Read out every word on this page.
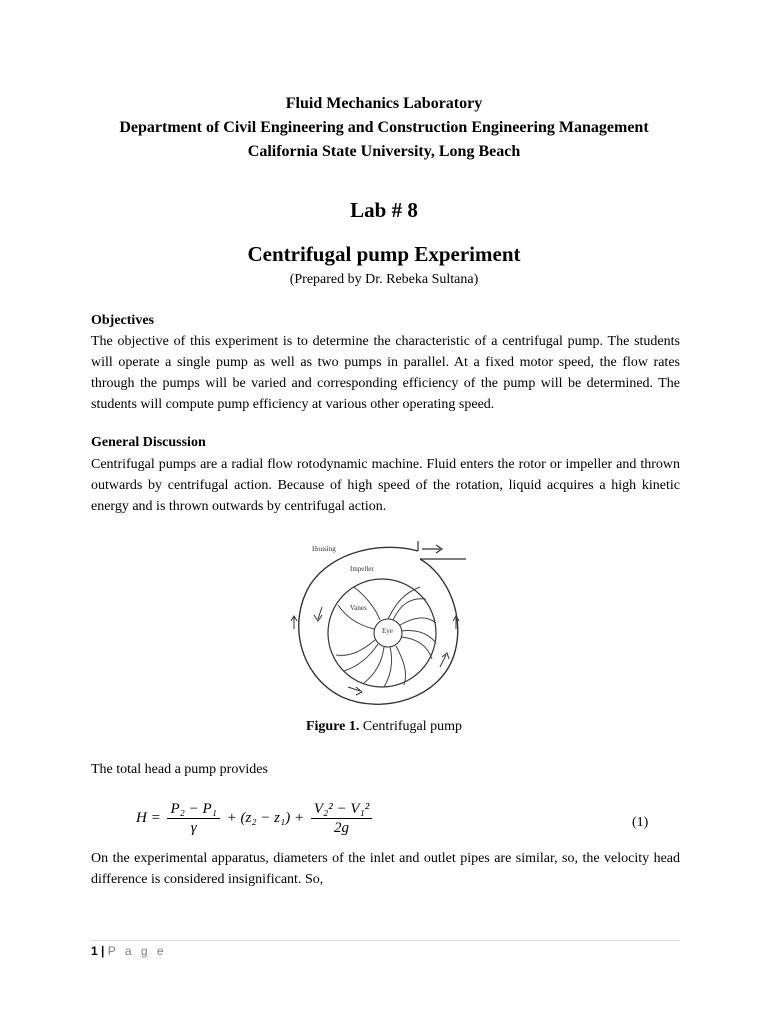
Fluid Mechanics Laboratory
Department of Civil Engineering and Construction Engineering Management
California State University, Long Beach
Lab # 8
Centrifugal pump Experiment
(Prepared by Dr. Rebeka Sultana)
Objectives
The objective of this experiment is to determine the characteristic of a centrifugal pump. The students will operate a single pump as well as two pumps in parallel. At a fixed motor speed, the flow rates through the pumps will be varied and corresponding efficiency of the pump will be determined. The students will compute pump efficiency at various other operating speed.
General Discussion
Centrifugal pumps are a radial flow rotodynamic machine. Fluid enters the rotor or impeller and thrown outwards by centrifugal action. Because of high speed of the rotation, liquid acquires a high kinetic energy and is thrown outwards by centrifugal action.
Housing
Impeller
Vanes
Eye
Figure 1. Centrifugal pump
The total head a pump provides
$H = \frac{\text{P₂ − P₁}}{\gamma} + (z_2 - z_1) + \frac{\text{V₂² − V₁²}}{2g}$	(1)
On the experimental apparatus, diameters of the inlet and outlet pipes are similar, so, the velocity head difference is considered insignificant. So,
1 | P a g e
